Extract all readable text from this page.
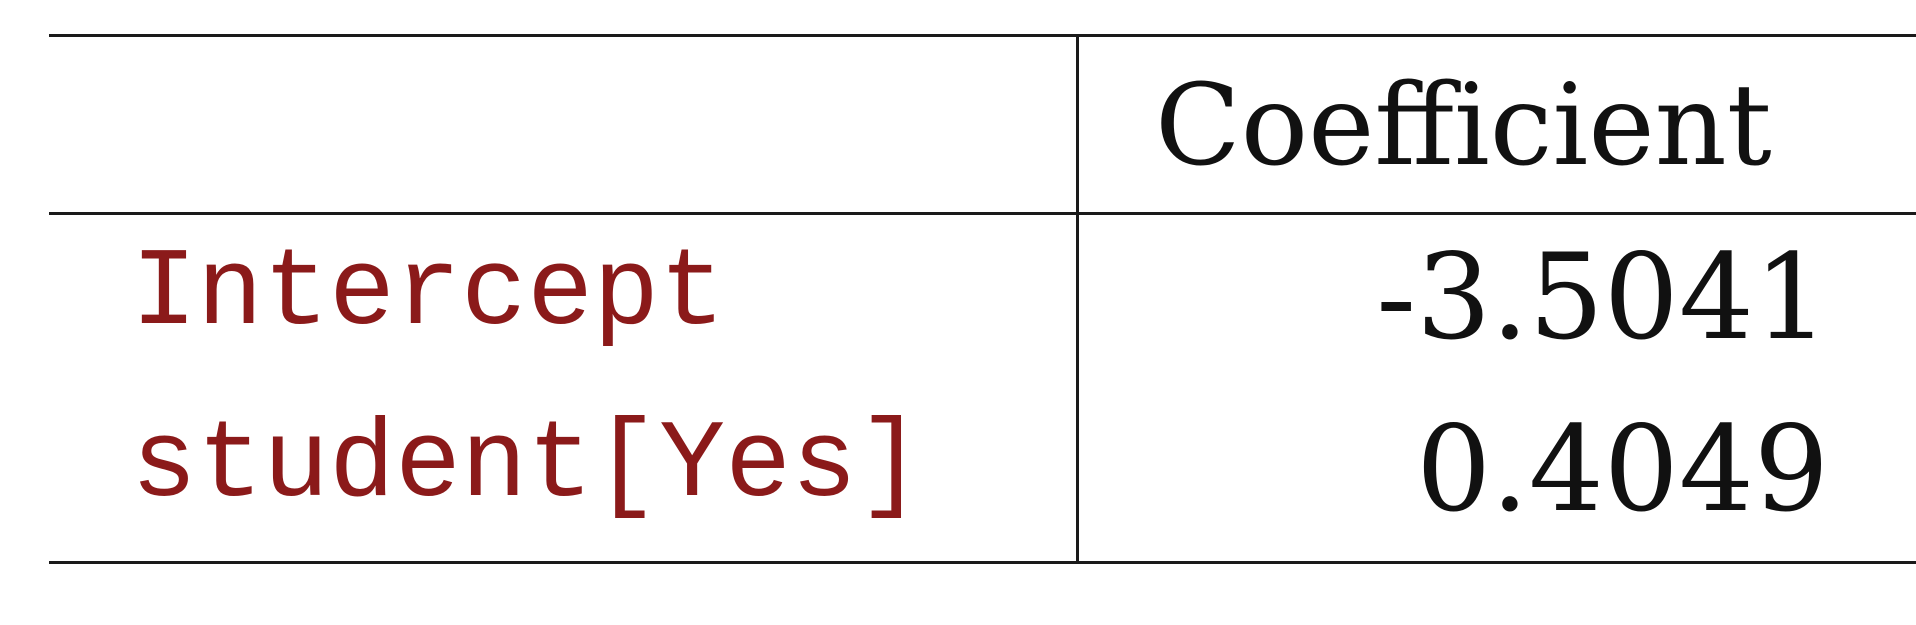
Coefficient
Intercept	-3.5041
student[Yes]	0.4049
